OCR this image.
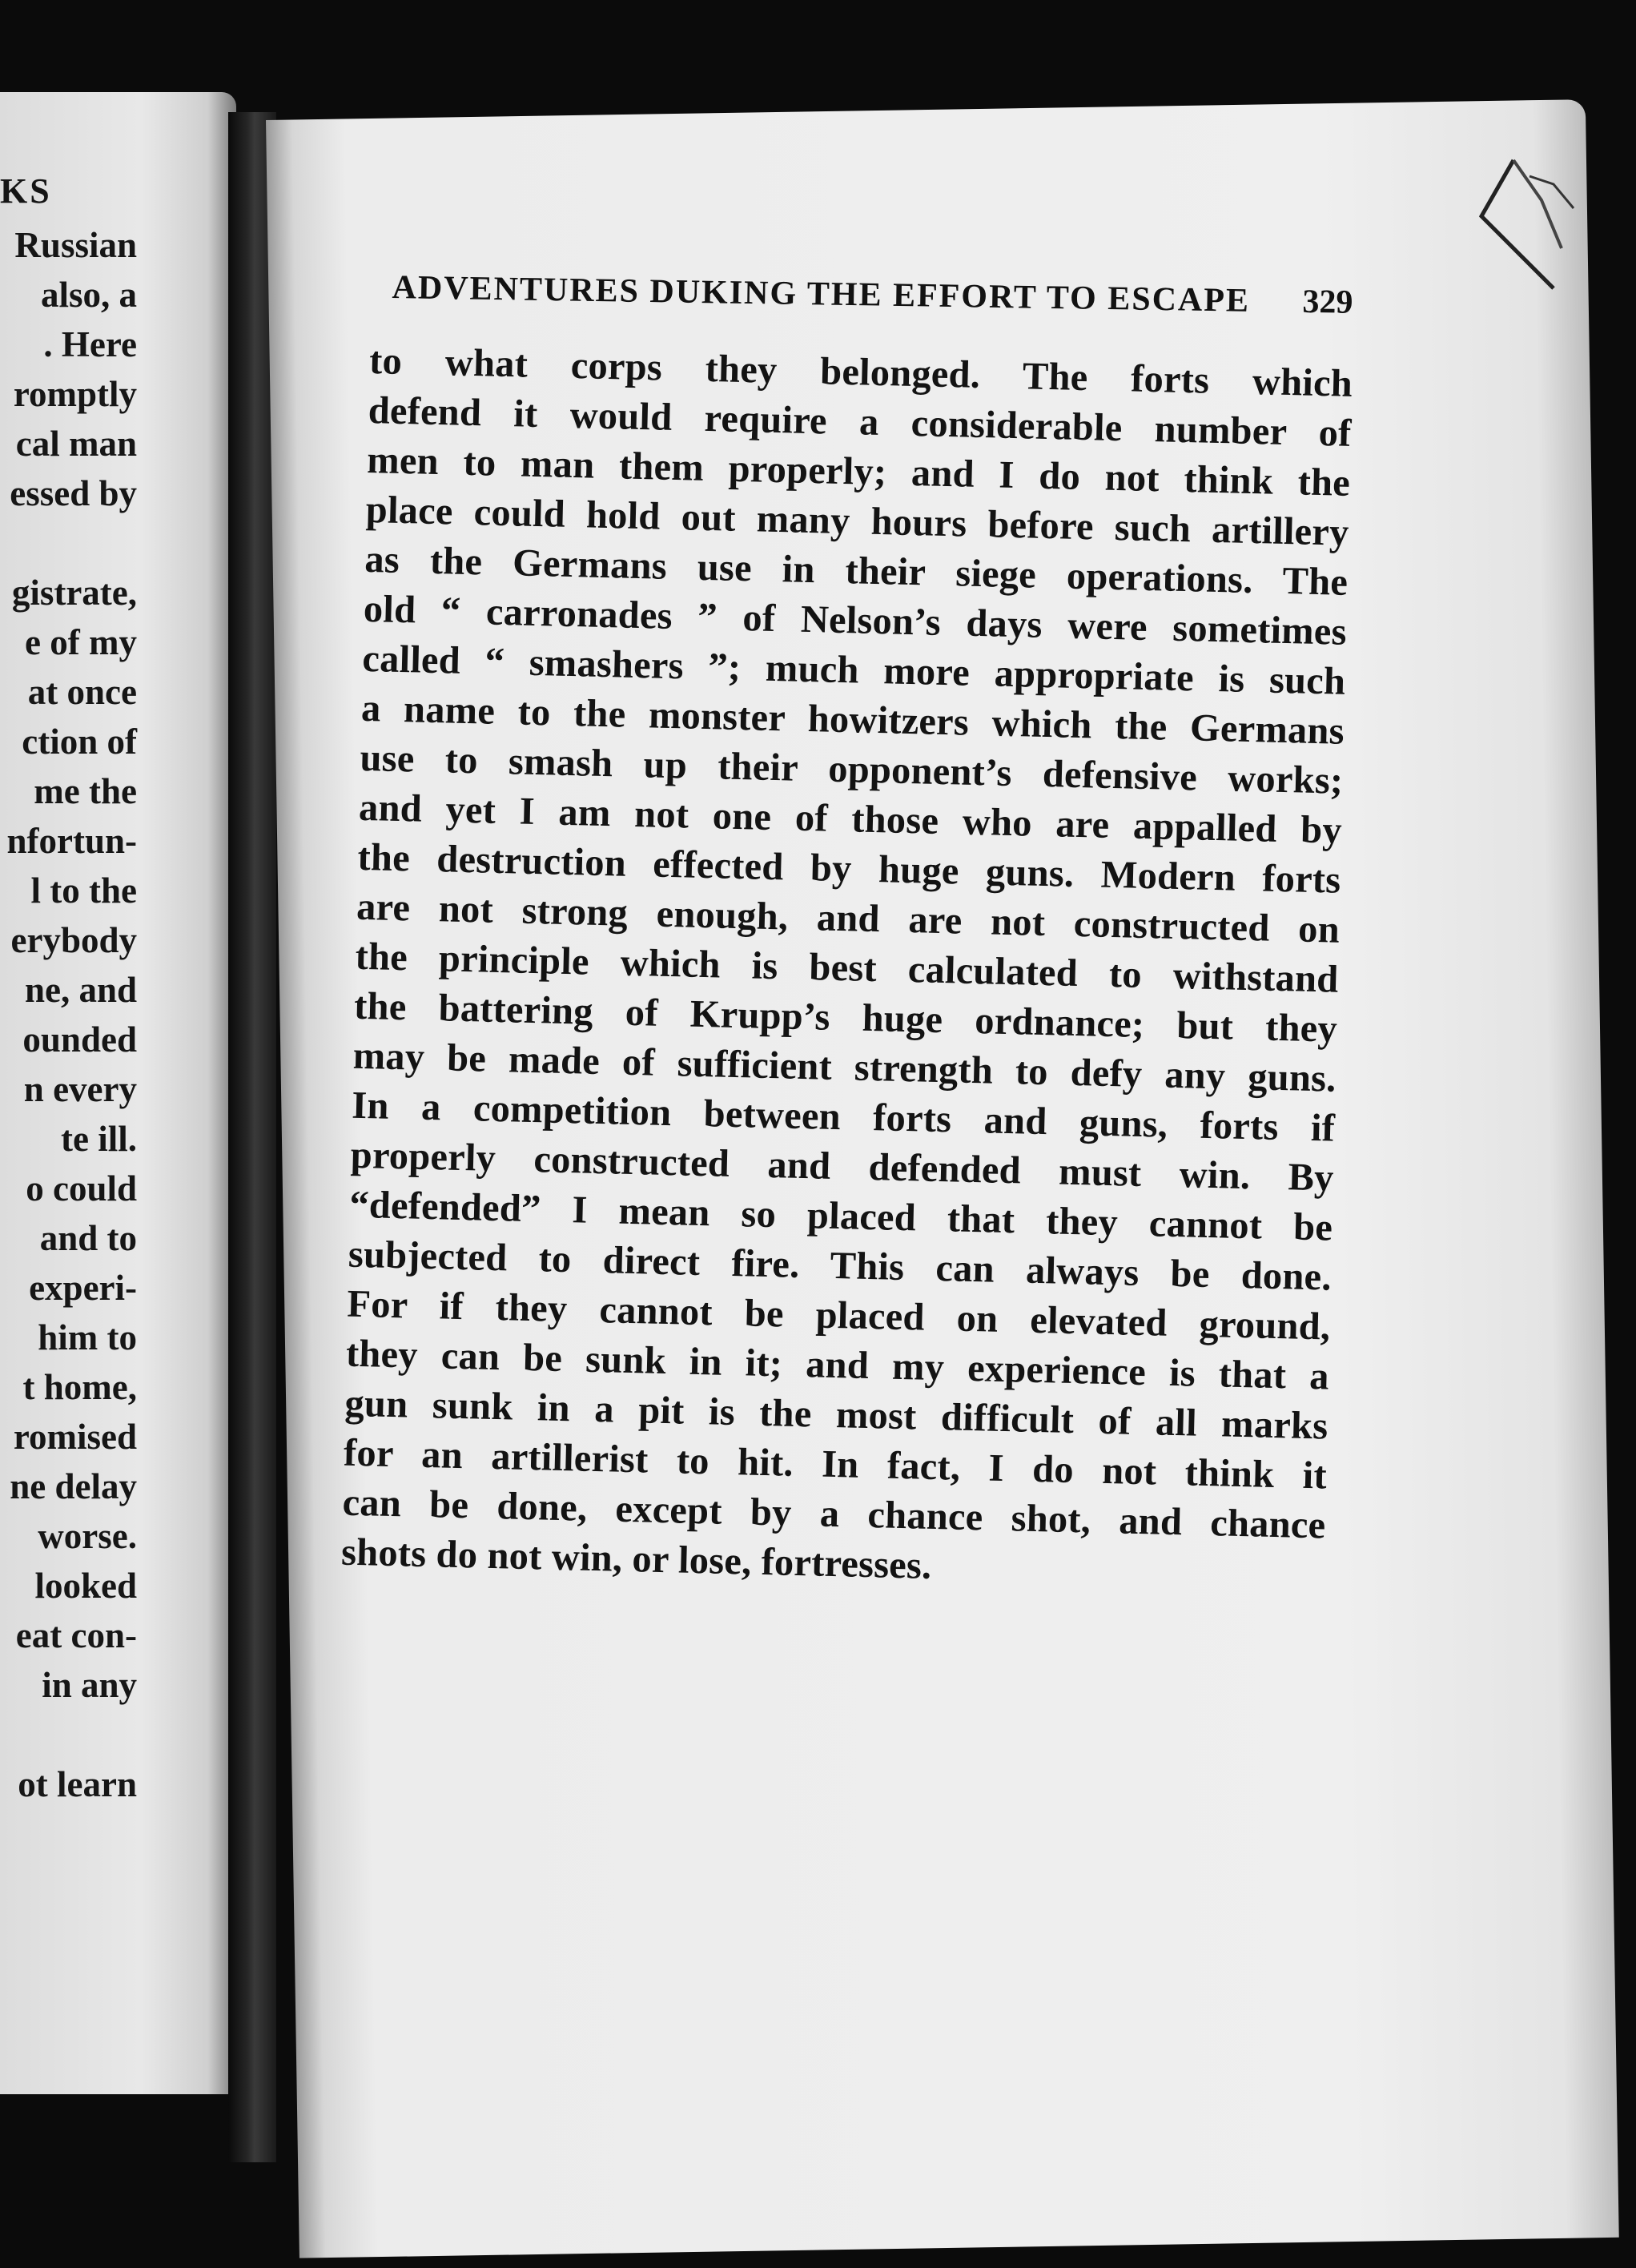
KS

Russian
also, a
. Here
romptly
cal man
essed by
gistrate,
e of my
at once
ction of
me the
nfortun-
l to the
erybody
ne, and
ounded
n every
te ill.
o could
and to
experi-
him to
t home,
romised
ne delay
worse.
looked
eat con-
in any
ot learn
ADVENTURES DUKING THE EFFORT TO ESCAPE 329
to what corps they belonged. The forts which
defend it would require a considerable number of
men to man them properly; and I do not think the
place could hold out many hours before such artillery
as the Germans use in their siege operations. The
old “ carronades ” of Nelson’s days were sometimes
called “ smashers ”; much more appropriate is such
a name to the monster howitzers which the Germans
use to smash up their opponent’s defensive works;
and yet I am not one of those who are appalled by
the destruction effected by huge guns. Modern forts
are not strong enough, and are not constructed on
the principle which is best calculated to withstand
the battering of Krupp’s huge ordnance; but they
may be made of sufficient strength to defy any guns.
In a competition between forts and guns, forts if
properly constructed and defended must win. By
“defended” I mean so placed that they cannot be
subjected to direct fire. This can always be done.
For if they cannot be placed on elevated ground,
they can be sunk in it; and my experience is that a
gun sunk in a pit is the most difficult of all marks
for an artillerist to hit. In fact, I do not think it
can be done, except by a chance shot, and chance
shots do not win, or lose, fortresses.
